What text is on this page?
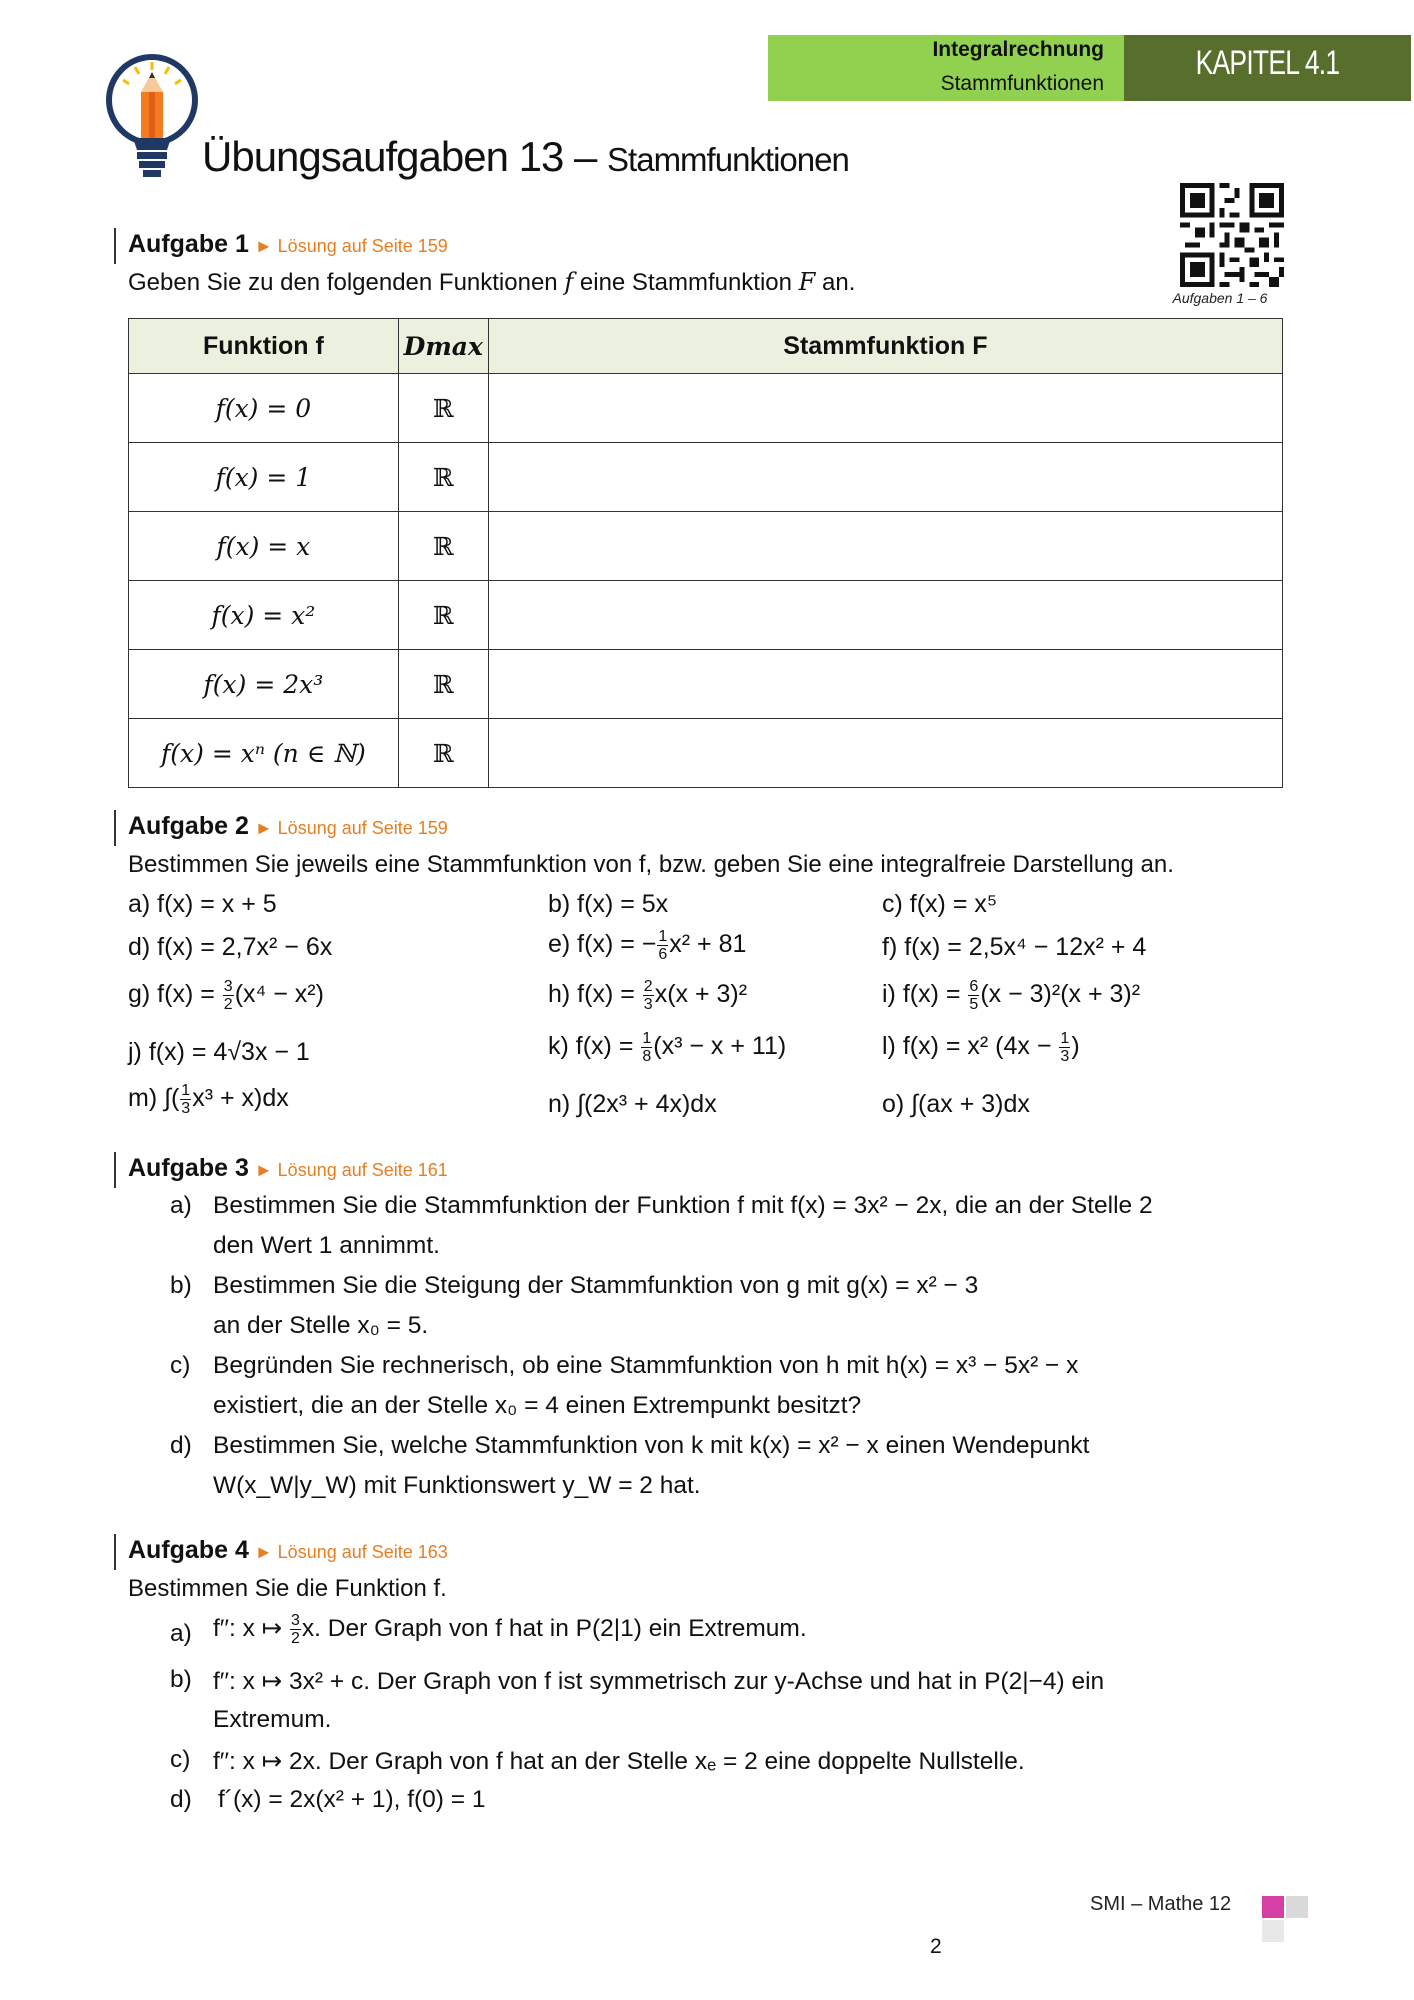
Integralrechnung
Stammfunktionen
KAPITEL 4.1
Übungsaufgaben 13 – Stammfunktionen
Aufgaben 1 – 6
Aufgabe 1 ► Lösung auf Seite 159
Geben Sie zu den folgenden Funktionen f eine Stammfunktion F an.
Funktion f	Dmax	Stammfunktion F
f(x) = 0	ℝ	
f(x) = 1	ℝ	
f(x) = x	ℝ	
f(x) = x²	ℝ	
f(x) = 2x³	ℝ	
f(x) = xⁿ (n ∈ ℕ)	ℝ	
Aufgabe 2 ► Lösung auf Seite 159
Bestimmen Sie jeweils eine Stammfunktion von f, bzw. geben Sie eine integralfreie Darstellung an.
a) f(x) = x + 5	b) f(x) = 5x	c) f(x) = x⁵
d) f(x) = 2,7x² − 6x	e) f(x) = − $\frac{1}{6} x^2 + 81$	f) f(x) = 2,5x⁴ − 12x² + 4
g) $f(x) = \frac{3}{2} (x^4 - x^2)$	h) $f(x) = \frac{2}{3} x(x + 3)^2$	i) $f(x) = \frac{6}{5} (x - 3)^2(x + 3)^2$
j) f(x) = 4√3x − 1	k) $f(x) = \frac{1}{8} (x^3 - x + 11)$	l) f(x) = x² ($4x - \frac{1}{3}$ )
m) ∫( $\frac{1}{3} x^3 + x)dx$	n) ∫(2x³ + 4x)dx	o) ∫(ax + 3)dx
Aufgabe 3 ► Lösung auf Seite 161
a) Bestimmen Sie die Stammfunktion der Funktion f mit f(x) = 3x² − 2x, die an der Stelle 2
den Wert 1 annimmt.
b) Bestimmen Sie die Steigung der Stammfunktion von g mit g(x) = x² − 3
an der Stelle x₀ = 5.
c) Begründen Sie rechnerisch, ob eine Stammfunktion von h mit h(x) = x³ − 5x² − x
existiert, die an der Stelle x₀ = 4 einen Extrempunkt besitzt?
d) Bestimmen Sie, welche Stammfunktion von k mit k(x) = x² − x einen Wendepunkt
W(x_W|y_W) mit Funktionswert y_W = 2 hat.
Aufgabe 4 ► Lösung auf Seite 163
Bestimmen Sie die Funktion f.
a) f′′: x ↦ $\frac{3}{2} x$. Der Graph von f hat in P(2|1) ein Extremum.
b) f′′: x ↦ 3x² + c. Der Graph von f ist symmetrisch zur y-Achse und hat in P(2|−4) ein
Extremum.
c) f′′: x ↦ 2x. Der Graph von f hat an der Stelle xₑ = 2 eine doppelte Nullstelle.
d) f´(x) = 2x(x² + 1), f(0) = 1
SMI – Mathe 12
2
